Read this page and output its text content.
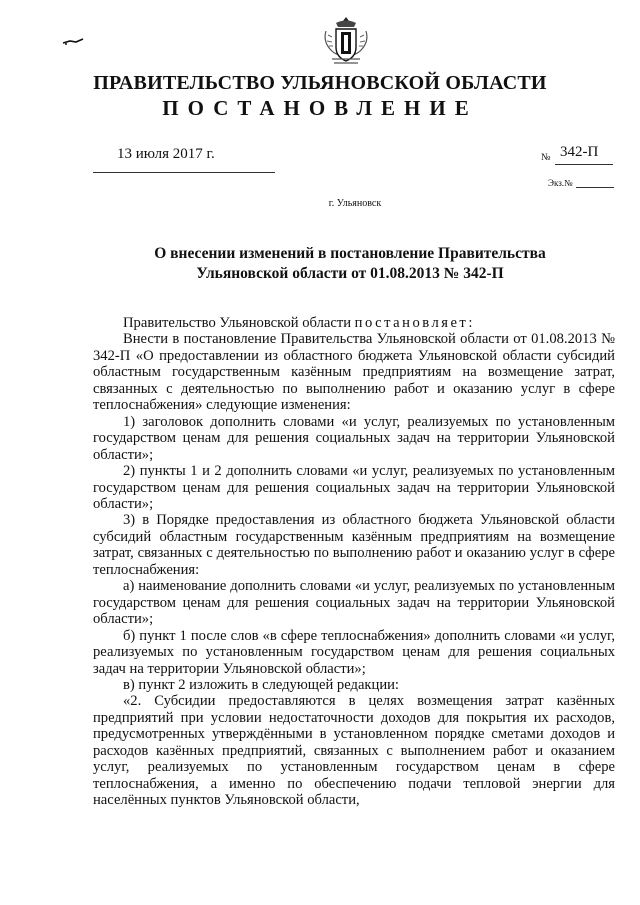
ПРАВИТЕЛЬСТВО УЛЬЯНОВСКОЙ ОБЛАСТИ
ПОСТАНОВЛЕНИЕ
13 июля 2017 г.	№ 342-П
Экз.№
г. Ульяновск
О внесении изменений в постановление Правительства
Ульяновской области от 01.08.2013 № 342-П

Правительство Ульяновской области постановляет:

Внести в постановление Правительства Ульяновской области от 01.08.2013 № 342-П «О предоставлении из областного бюджета Ульяновской области субсидий областным государственным казённым предприятиям на возмещение затрат, связанных с деятельностью по выполнению работ и оказанию услуг в сфере теплоснабжения» следующие изменения:

1) заголовок дополнить словами «и услуг, реализуемых по установленным государством ценам для решения социальных задач на территории Ульяновской области»;

2) пункты 1 и 2 дополнить словами «и услуг, реализуемых по установленным государством ценам для решения социальных задач на территории Ульяновской области»;

3) в Порядке предоставления из областного бюджета Ульяновской области субсидий областным государственным казённым предприятиям на возмещение затрат, связанных с деятельностью по выполнению работ и оказанию услуг в сфере теплоснабжения:

а) наименование дополнить словами «и услуг, реализуемых по установленным государством ценам для решения социальных задач на территории Ульяновской области»;

б) пункт 1 после слов «в сфере теплоснабжения» дополнить словами «и услуг, реализуемых по установленным государством ценам для решения социальных задач на территории Ульяновской области»;

в) пункт 2 изложить в следующей редакции:

«2. Субсидии предоставляются в целях возмещения затрат казённых предприятий при условии недостаточности доходов для покрытия их расходов, предусмотренных утверждёнными в установленном порядке сметами доходов и расходов казённых предприятий, связанных с выполнением работ и оказанием услуг, реализуемых по установленным государством ценам в сфере теплоснабжения, а именно по обеспечению подачи тепловой энергии для населённых пунктов Ульяновской области,
